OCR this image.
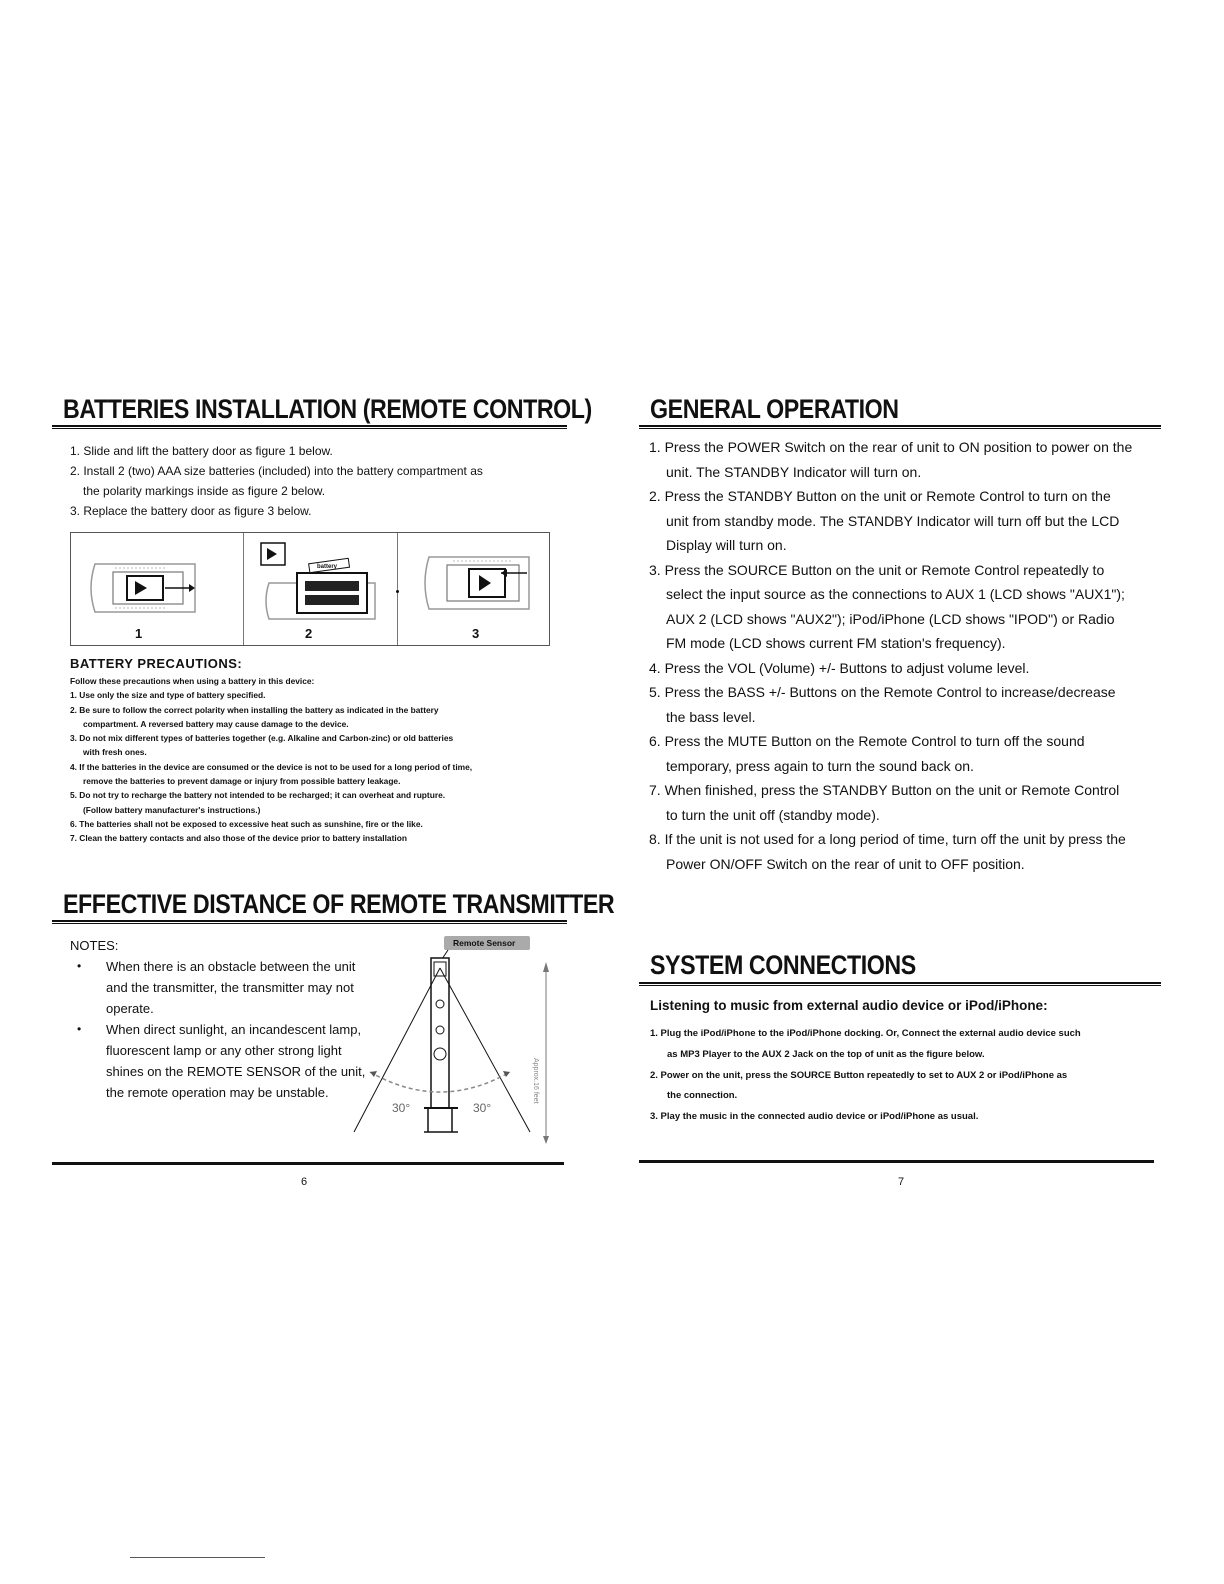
BATTERIES INSTALLATION (REMOTE CONTROL)
1. Slide and lift the battery door as figure 1 below.
2. Install 2 (two) AAA size batteries (included) into the battery compartment as
the polarity markings inside as figure 2 below.
3. Replace the battery door as figure 3 below.
battery
1	2	3
BATTERY PRECAUTIONS:
Follow these precautions when using a battery in this device:
1. Use only the size and type of battery specified.
2. Be sure to follow the correct polarity when installing the battery as indicated in the battery
compartment. A reversed battery may cause damage to the device.
3. Do not mix different types of batteries together (e.g. Alkaline and Carbon-zinc) or old batteries
with fresh ones.
4. If the batteries in the device are consumed or the device is not to be used for a long period of time,
remove the batteries to prevent damage or injury from possible battery leakage.
5. Do not try to recharge the battery not intended to be recharged; it can overheat and rupture.
(Follow battery manufacturer's instructions.)
6. The batteries shall not be exposed to excessive heat such as sunshine, fire or the like.
7. Clean the battery contacts and also those of the device prior to battery installation
EFFECTIVE DISTANCE OF REMOTE TRANSMITTER
NOTES:
• When there is an obstacle between the unit and the transmitter, the transmitter may not operate.
• When direct sunlight, an incandescent lamp, fluorescent lamp or any other strong light shines on the REMOTE SENSOR of the unit, the remote operation may be unstable.
Remote Sensor
30°	30°
Approx.16 feet
6
GENERAL OPERATION
1. Press the POWER Switch on the rear of unit to ON position to power on the
unit. The STANDBY Indicator will turn on.
2. Press the STANDBY Button on the unit or Remote Control to turn on the
unit from standby mode. The STANDBY Indicator will turn off but the LCD
Display will turn on.
3. Press the SOURCE Button on the unit or Remote Control repeatedly to
select the input source as the connections to AUX 1 (LCD shows "AUX1");
AUX 2 (LCD shows "AUX2"); iPod/iPhone (LCD shows "IPOD") or Radio
FM mode (LCD shows current FM station's frequency).
4. Press the VOL (Volume) +/- Buttons to adjust volume level.
5. Press the BASS +/- Buttons on the Remote Control to increase/decrease
the bass level.
6. Press the MUTE Button on the Remote Control to turn off the sound
temporary, press again to turn the sound back on.
7. When finished, press the STANDBY Button on the unit or Remote Control
to turn the unit off (standby mode).
8. If the unit is not used for a long period of time, turn off the unit by press the
Power ON/OFF Switch on the rear of unit to OFF position.
SYSTEM CONNECTIONS
Listening to music from external audio device or iPod/iPhone:
1. Plug the iPod/iPhone to the iPod/iPhone docking. Or, Connect the external audio device such
as MP3 Player to the AUX 2 Jack on the top of unit as the figure below.
2. Power on the unit, press the SOURCE Button repeatedly to set to AUX 2 or iPod/iPhone as
the connection.
3. Play the music in the connected audio device or iPod/iPhone as usual.
7
